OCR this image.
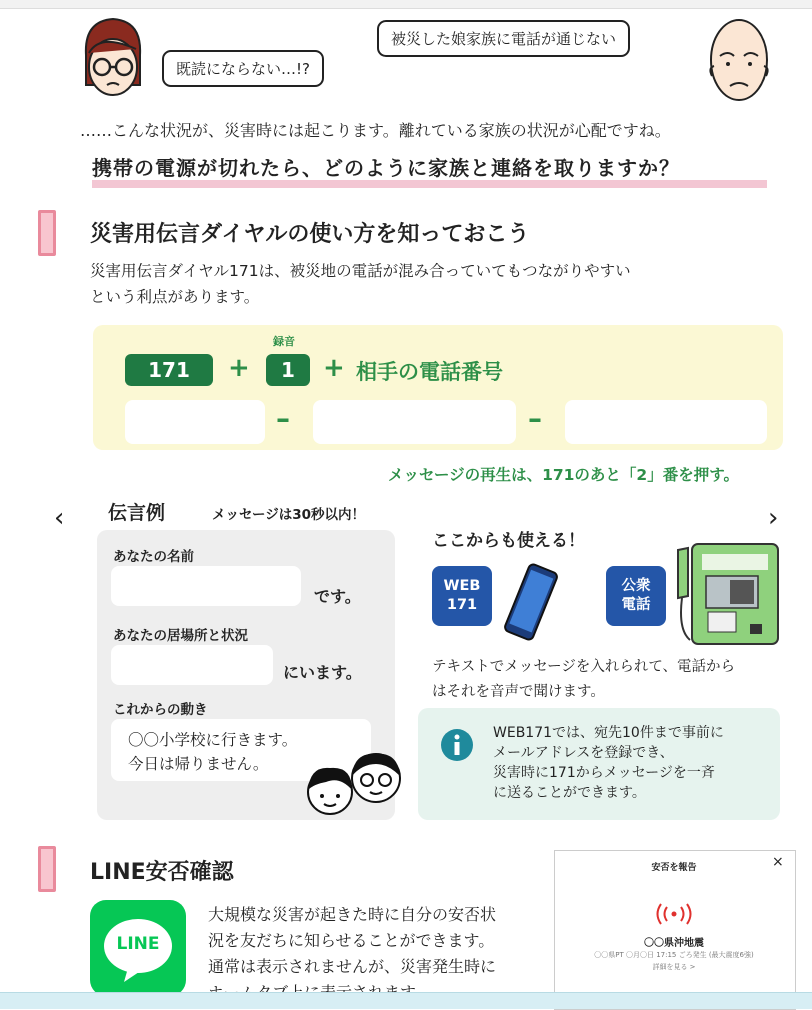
既読にならない…!?
被災した娘家族に電話が通じない
……こんな状況が、災害時には起こります。離れている家族の状況が心配ですね。
携帯の電源が切れたら、どのように家族と連絡を取りますか？
災害用伝言ダイヤルの使い方を知っておこう
災害用伝言ダイヤル171は、被災地の電話が混み合っていてもつながりやすい
という利点があります。
171	+
録音
1	+ 相手の電話番号
–	–
メッセージの再生は、171のあと「2」番を押す。
‹	›
伝言例	メッセージは30秒以内！
あなたの名前
です。
あなたの居場所と状況
にいます。
これからの動き
〇〇小学校に行きます。
今日は帰りません。
ここからも使える！
WEB
171
公衆
電話
テキストでメッセージを入れられて、電話から
はそれを音声で聞けます。
WEB171では、宛先10件まで事前に
メールアドレスを登録でき、
災害時に171からメッセージを一斉
に送ることができます。
LINE安否確認
LINE
大規模な災害が起きた時に自分の安否状
況を友だちに知らせることができます。
通常は表示されませんが、災害発生時に
安否を報告	×
〇〇県沖地震
〇〇県PT 〇月〇日 17:15 ごろ発生 (最大震度6強)
詳細を見る >
